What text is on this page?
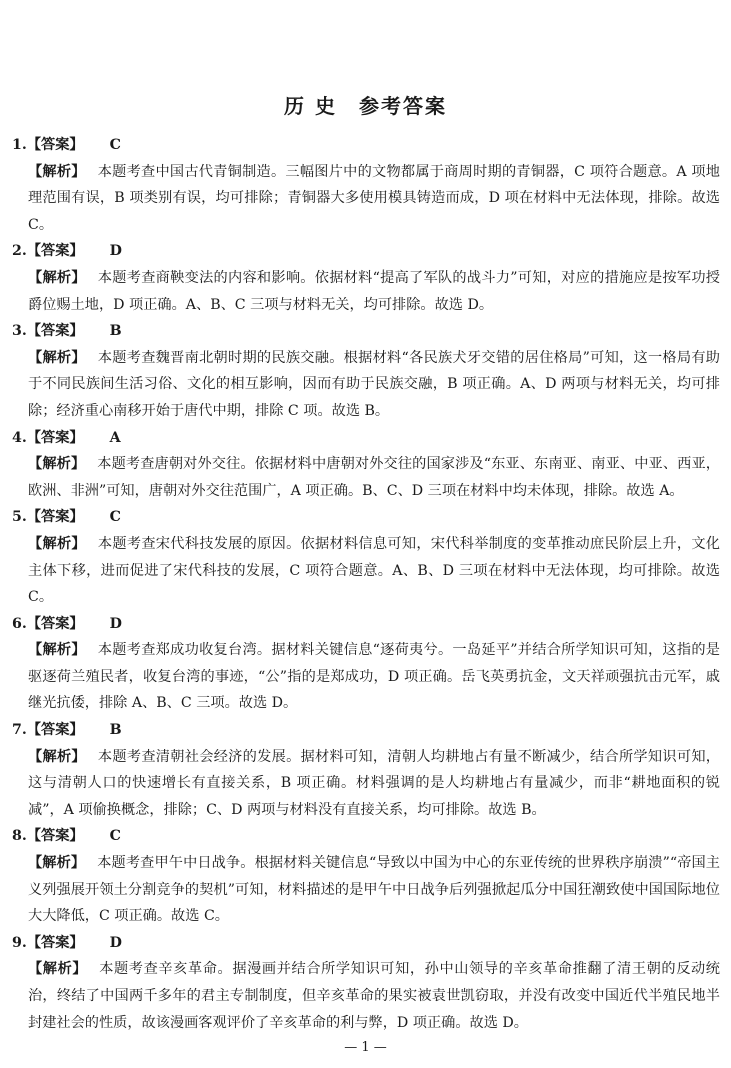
历 史　参考答案
1. 【答案】 C
【解析】 本题考查中国古代青铜制造。三幅图片中的文物都属于商周时期的青铜器，C 项符合题意。A 项地理范围有误，B 项类别有误，均可排除；青铜器大多使用模具铸造而成，D 项在材料中无法体现，排除。故选 C。
2. 【答案】 D
【解析】 本题考查商鞅变法的内容和影响。依据材料“提高了军队的战斗力”可知，对应的措施应是按军功授爵位赐土地，D 项正确。A、B、C 三项与材料无关，均可排除。故选 D。
3. 【答案】 B
【解析】 本题考查魏晋南北朝时期的民族交融。根据材料“各民族犬牙交错的居住格局”可知，这一格局有助于不同民族间生活习俗、文化的相互影响，因而有助于民族交融，B 项正确。A、D 两项与材料无关，均可排除；经济重心南移开始于唐代中期，排除 C 项。故选 B。
4. 【答案】 A
【解析】 本题考查唐朝对外交往。依据材料中唐朝对外交往的国家涉及“东亚、东南亚、南亚、中亚、西亚，欧洲、非洲”可知，唐朝对外交往范围广，A 项正确。B、C、D 三项在材料中均未体现，排除。故选 A。
5. 【答案】 C
【解析】 本题考查宋代科技发展的原因。依据材料信息可知，宋代科举制度的变革推动庶民阶层上升，文化主体下移，进而促进了宋代科技的发展，C 项符合题意。A、B、D 三项在材料中无法体现，均可排除。故选 C。
6. 【答案】 D
【解析】 本题考查郑成功收复台湾。据材料关键信息“逐荷夷兮。一岛延平”并结合所学知识可知，这指的是驱逐荷兰殖民者，收复台湾的事迹，“公”指的是郑成功，D 项正确。岳飞英勇抗金，文天祥顽强抗击元军，戚继光抗倭，排除 A、B、C 三项。故选 D。
7. 【答案】 B
【解析】 本题考查清朝社会经济的发展。据材料可知，清朝人均耕地占有量不断减少，结合所学知识可知，这与清朝人口的快速增长有直接关系，B 项正确。材料强调的是人均耕地占有量减少，而非“耕地面积的锐减”，A 项偷换概念，排除；C、D 两项与材料没有直接关系，均可排除。故选 B。
8. 【答案】 C
【解析】 本题考查甲午中日战争。根据材料关键信息“导致以中国为中心的东亚传统的世界秩序崩溃”“帝国主义列强展开领土分割竞争的契机”可知，材料描述的是甲午中日战争后列强掀起瓜分中国狂潮致使中国国际地位大大降低，C 项正确。故选 C。
9. 【答案】 D
【解析】 本题考查辛亥革命。据漫画并结合所学知识可知，孙中山领导的辛亥革命推翻了清王朝的反动统治，终结了中国两千多年的君主专制制度，但辛亥革命的果实被袁世凯窃取，并没有改变中国近代半殖民地半封建社会的性质，故该漫画客观评价了辛亥革命的利与弊，D 项正确。故选 D。
— 1 —
